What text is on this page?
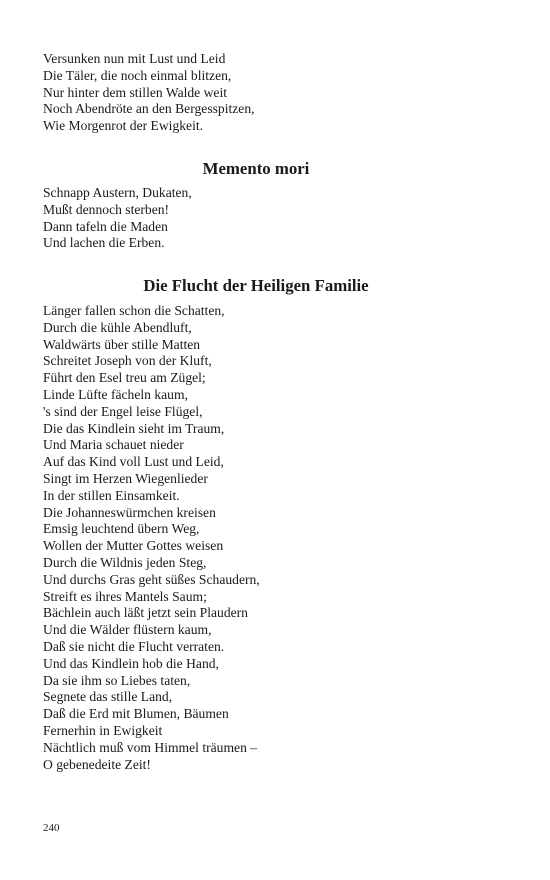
Versunken nun mit Lust und Leid
Die Täler, die noch einmal blitzen,
Nur hinter dem stillen Walde weit
Noch Abendröte an den Bergesspitzen,
Wie Morgenrot der Ewigkeit.
Memento mori
Schnapp Austern, Dukaten,
Mußt dennoch sterben!
Dann tafeln die Maden
Und lachen die Erben.
Die Flucht der Heiligen Familie
Länger fallen schon die Schatten,
Durch die kühle Abendluft,
Waldwärts über stille Matten
Schreitet Joseph von der Kluft,
Führt den Esel treu am Zügel;
Linde Lüfte fächeln kaum,
's sind der Engel leise Flügel,
Die das Kindlein sieht im Traum,
Und Maria schauet nieder
Auf das Kind voll Lust und Leid,
Singt im Herzen Wiegenlieder
In der stillen Einsamkeit.
Die Johanneswürmchen kreisen
Emsig leuchtend übern Weg,
Wollen der Mutter Gottes weisen
Durch die Wildnis jeden Steg,
Und durchs Gras geht süßes Schaudern,
Streift es ihres Mantels Saum;
Bächlein auch läßt jetzt sein Plaudern
Und die Wälder flüstern kaum,
Daß sie nicht die Flucht verraten.
Und das Kindlein hob die Hand,
Da sie ihm so Liebes taten,
Segnete das stille Land,
Daß die Erd mit Blumen, Bäumen
Fernerhin in Ewigkeit
Nächtlich muß vom Himmel träumen –
O gebenedeite Zeit!
240
